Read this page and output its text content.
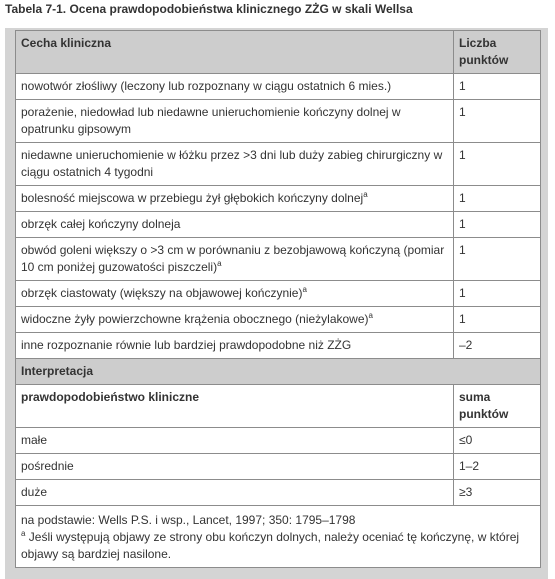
Tabela 7-1. Ocena prawdopodobieństwa klinicznego ZŻG w skali Wellsa
Cecha kliniczna	Liczba punktów
nowotwór złośliwy (leczony lub rozpoznany w ciągu ostatnich 6 mies.)	1
porażenie, niedowład lub niedawne unieruchomienie kończyny dolnej w opatrunku gipsowym	1
niedawne unieruchomienie w łóżku przez >3 dni lub duży zabieg chirurgiczny w ciągu ostatnich 4 tygodni	1
bolesność miejscowa w przebiegu żył głębokich kończyny dolnej$^a$	1
obrzęk całej kończyny dolneja	1
obwód goleni większy o >3 cm w porównaniu z bezobjawową kończyną (pomiar 10 cm poniżej guzowatości piszczeli)$^a$	1
obrzęk ciastowaty (większy na objawowej kończynie)$^a$	1
widoczne żyły powierzchowne krążenia obocznego (nieżylakowe)$^a$	1
inne rozpoznanie równie lub bardziej prawdopodobne niż ZŻG	–2
Interpretacja	
prawdopodobieństwo kliniczne	suma punktów
małe	≤0
pośrednie	1–2
duże	≥3

na podstawie: Wells P.S. i wsp., Lancet, 1997; 350: 1795–1798
$^a$ Jeśli występują objawy ze strony obu kończyn dolnych, należy oceniać tę kończynę, w której objawy są bardziej nasilone.	
